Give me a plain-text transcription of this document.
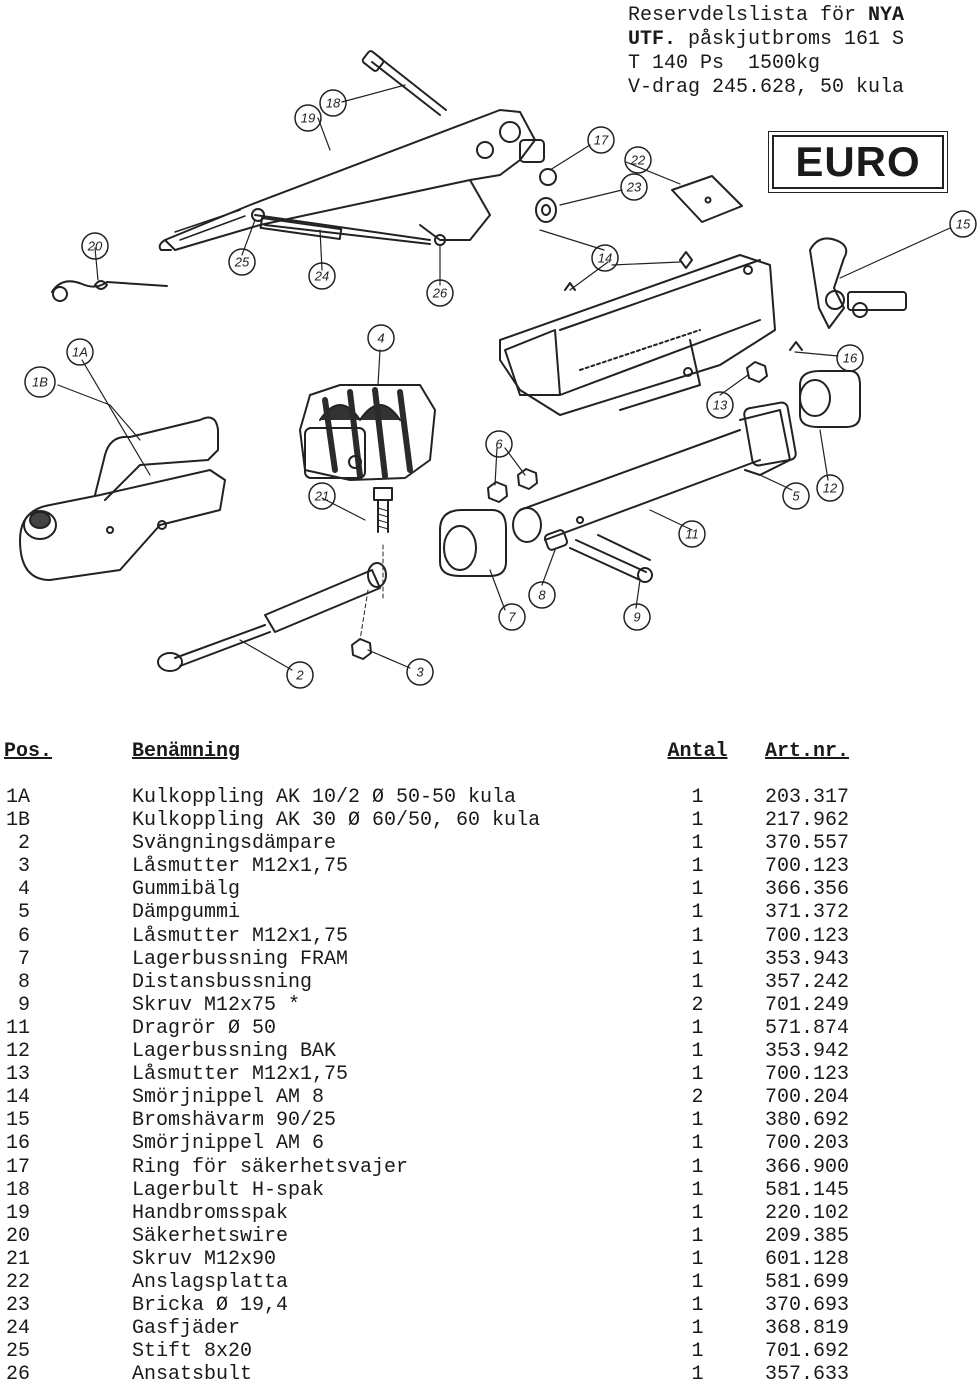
Reservdelslista för NYA
UTF. påskjutbroms 161 S
T 140 Ps  1500kg
V-drag 245.628, 50 kula
EURO
18
19
17
23
22
14
15
16
13
12
5
11
6
7
8
9
21
2	3
4
1A
1B
20
24
25
26
Pos.	Benämning	Antal	Art.nr.
1A	Kulkoppling AK 10/2 Ø 50-50 kula	1	203.317
1B	Kulkoppling AK 30 Ø 60/50, 60 kula	1	217.962
2	Svängningsdämpare	1	370.557
3	Låsmutter M12x1,75	1	700.123
4	Gummibälg	1	366.356
5	Dämpgummi	1	371.372
6	Låsmutter M12x1,75	1	700.123
7	Lagerbussning FRAM	1	353.943
8	Distansbussning	1	357.242
9	Skruv M12x75 *	2	701.249
11	Dragrör Ø 50	1	571.874
12	Lagerbussning BAK	1	353.942
13	Låsmutter M12x1,75	1	700.123
14	Smörjnippel AM 8	2	700.204
15	Bromshävarm 90/25	1	380.692
16	Smörjnippel AM 6	1	700.203
17	Ring för säkerhetsvajer	1	366.900
18	Lagerbult H-spak	1	581.145
19	Handbromsspak	1	220.102
20	Säkerhetswire	1	209.385
21	Skruv M12x90	1	601.128
22	Anslagsplatta	1	581.699
23	Bricka Ø 19,4	1	370.693
24	Gasfjäder	1	368.819
25	Stift 8x20	1	701.692
26	Ansatsbult	1	357.633
